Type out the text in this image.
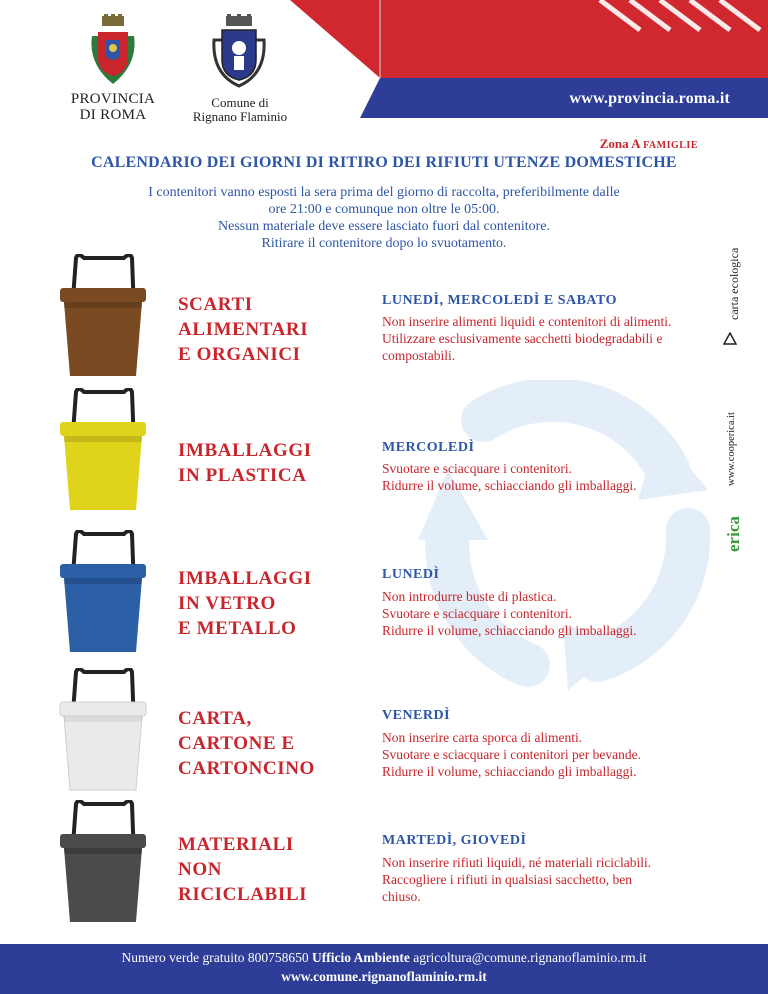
www.provincia.roma.it
PROVINCIA
DI ROMA
Comune di
Rignano Flaminio
Zona A FAMIGLIE
CALENDARIO DEI GIORNI DI RITIRO DEI RIFIUTI UTENZE DOMESTICHE
I contenitori vanno esposti la sera prima del giorno di raccolta, preferibilmente dalle
ore 21:00 e comunque non oltre le 05:00.
Nessun materiale deve essere lasciato fuori dal contenitore.
Ritirare il contenitore dopo lo svuotamento.
carta ecologica
www.cooperica.it
erica
SCARTI
ALIMENTARI
E ORGANICI
LUNEDÌ, MERCOLEDÌ E SABATO
Non inserire alimenti liquidi e contenitori di alimenti.
Utilizzare esclusivamente sacchetti biodegradabili e
compostabili.
IMBALLAGGI
IN PLASTICA
MERCOLEDÌ
Svuotare e sciacquare i contenitori.
Ridurre il volume, schiacciando gli imballaggi.
IMBALLAGGI
IN VETRO
E METALLO
LUNEDÌ
Non introdurre buste di plastica.
Svuotare e sciacquare i contenitori.
Ridurre il volume, schiacciando gli imballaggi.
CARTA,
CARTONE E
CARTONCINO
VENERDÌ
Non inserire carta sporca di alimenti.
Svuotare e sciacquare i contenitori per bevande.
Ridurre il volume, schiacciando gli imballaggi.
MATERIALI
NON
RICICLABILI
MARTEDÌ, GIOVEDÌ
Non inserire rifiuti liquidi, né materiali riciclabili.
Raccogliere i rifiuti in qualsiasi sacchetto, ben
chiuso.
Numero verde gratuito 800758650 Ufficio Ambiente agricoltura@comune.rignanoflaminio.rm.it
www.comune.rignanoflaminio.rm.it
